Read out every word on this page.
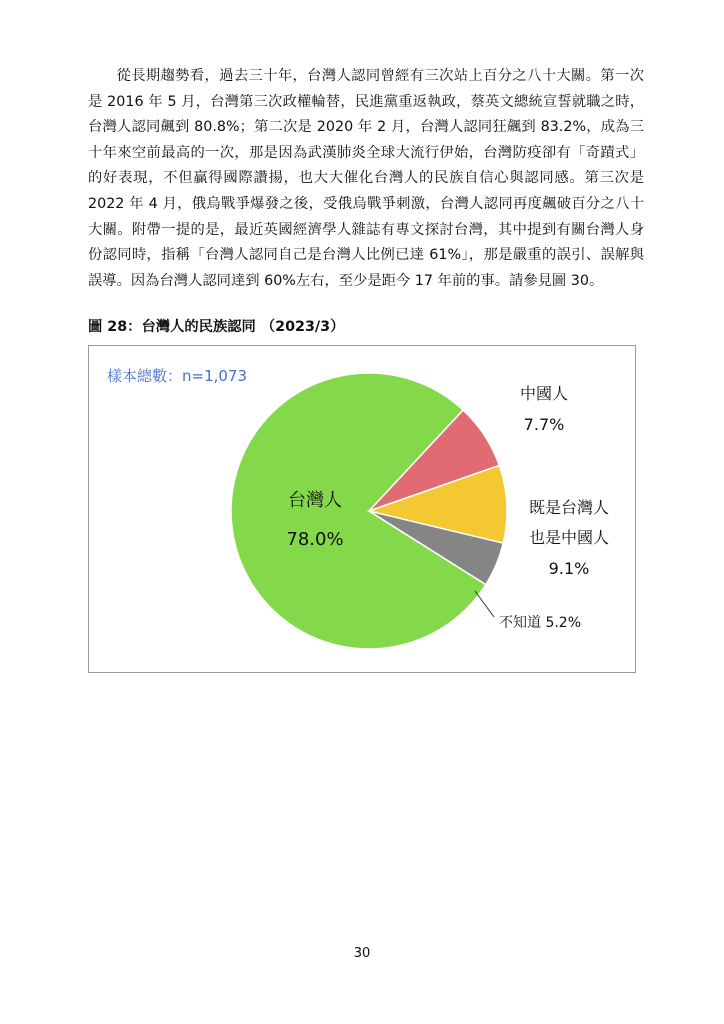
從長期趨勢看，過去三十年，台灣人認同曾經有三次站上百分之八十大關。第一次是 2016 年 5 月，台灣第三次政權輪替，民進黨重返執政，蔡英文總統宣誓就職之時，台灣人認同飆到 80.8%；第二次是 2020 年 2 月，台灣人認同狂飆到 83.2%，成為三十年來空前最高的一次，那是因為武漢肺炎全球大流行伊始，台灣防疫卻有「奇蹟式」的好表現，不但贏得國際讚揚，也大大催化台灣人的民族自信心與認同感。第三次是 2022 年 4 月，俄烏戰爭爆發之後，受俄烏戰爭刺激，台灣人認同再度飆破百分之八十大關。附帶一提的是，最近英國經濟學人雜誌有專文探討台灣，其中提到有關台灣人身份認同時，指稱「台灣人認同自己是台灣人比例已達 61%」，那是嚴重的誤引、誤解與誤導。因為台灣人認同達到 60%左右，至少是距今 17 年前的事。請參見圖 30。

圖 28：台灣人的民族認同 （2023/3）
樣本總數：n=1,073
台灣人
78.0%
中國人
7.7%
既是台灣人
也是中國人
9.1%
不知道 5.2%
30
